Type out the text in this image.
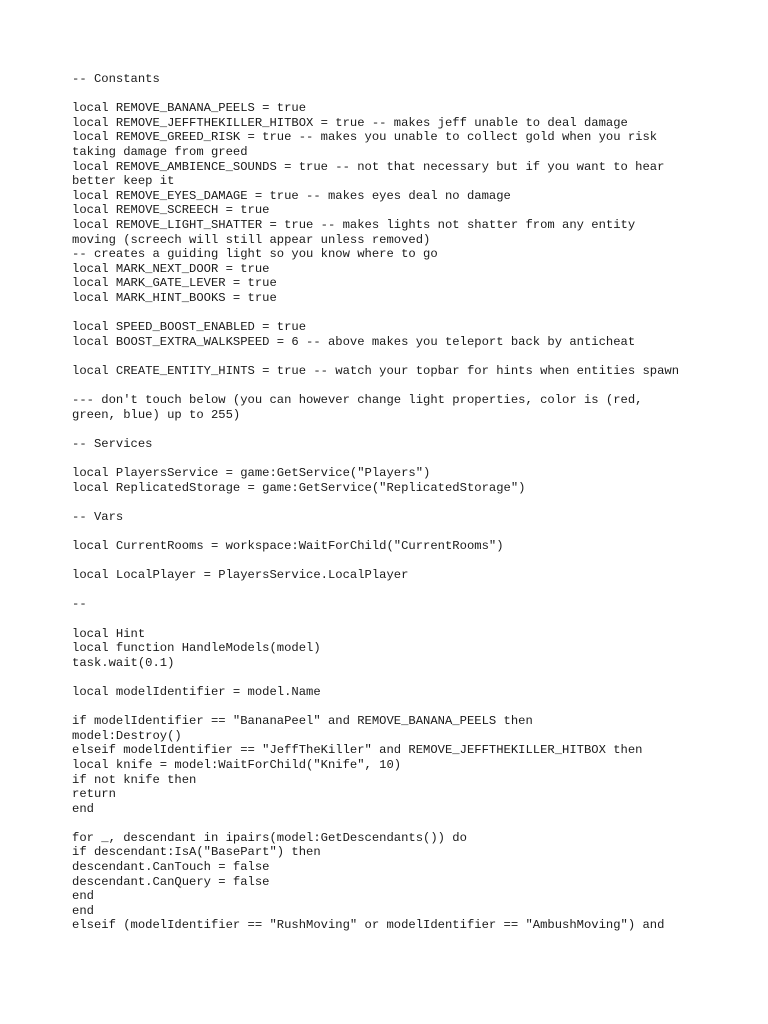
-- Constants
local REMOVE_BANANA_PEELS = true
local REMOVE_JEFFTHEKILLER_HITBOX = true -- makes jeff unable to deal damage
local REMOVE_GREED_RISK = true -- makes you unable to collect gold when you risk
taking damage from greed
local REMOVE_AMBIENCE_SOUNDS = true -- not that necessary but if you want to hear
better keep it
local REMOVE_EYES_DAMAGE = true -- makes eyes deal no damage
local REMOVE_SCREECH = true
local REMOVE_LIGHT_SHATTER = true -- makes lights not shatter from any entity
moving (screech will still appear unless removed)
-- creates a guiding light so you know where to go
local MARK_NEXT_DOOR = true
local MARK_GATE_LEVER = true
local MARK_HINT_BOOKS = true
local SPEED_BOOST_ENABLED = true
local BOOST_EXTRA_WALKSPEED = 6 -- above makes you teleport back by anticheat
local CREATE_ENTITY_HINTS = true -- watch your topbar for hints when entities spawn
--- don't touch below (you can however change light properties, color is (red,
green, blue) up to 255)
-- Services
local PlayersService = game:GetService("Players")
local ReplicatedStorage = game:GetService("ReplicatedStorage")
-- Vars
local CurrentRooms = workspace:WaitForChild("CurrentRooms")
local LocalPlayer = PlayersService.LocalPlayer
--
local Hint
local function HandleModels(model)
task.wait(0.1)
local modelIdentifier = model.Name
if modelIdentifier == "BananaPeel" and REMOVE_BANANA_PEELS then
model:Destroy()
elseif modelIdentifier == "JeffTheKiller" and REMOVE_JEFFTHEKILLER_HITBOX then
local knife = model:WaitForChild("Knife", 10)
if not knife then
return
end
for _, descendant in ipairs(model:GetDescendants()) do
if descendant:IsA("BasePart") then
descendant.CanTouch = false
descendant.CanQuery = false
end
end
elseif (modelIdentifier == "RushMoving" or modelIdentifier == "AmbushMoving") and
